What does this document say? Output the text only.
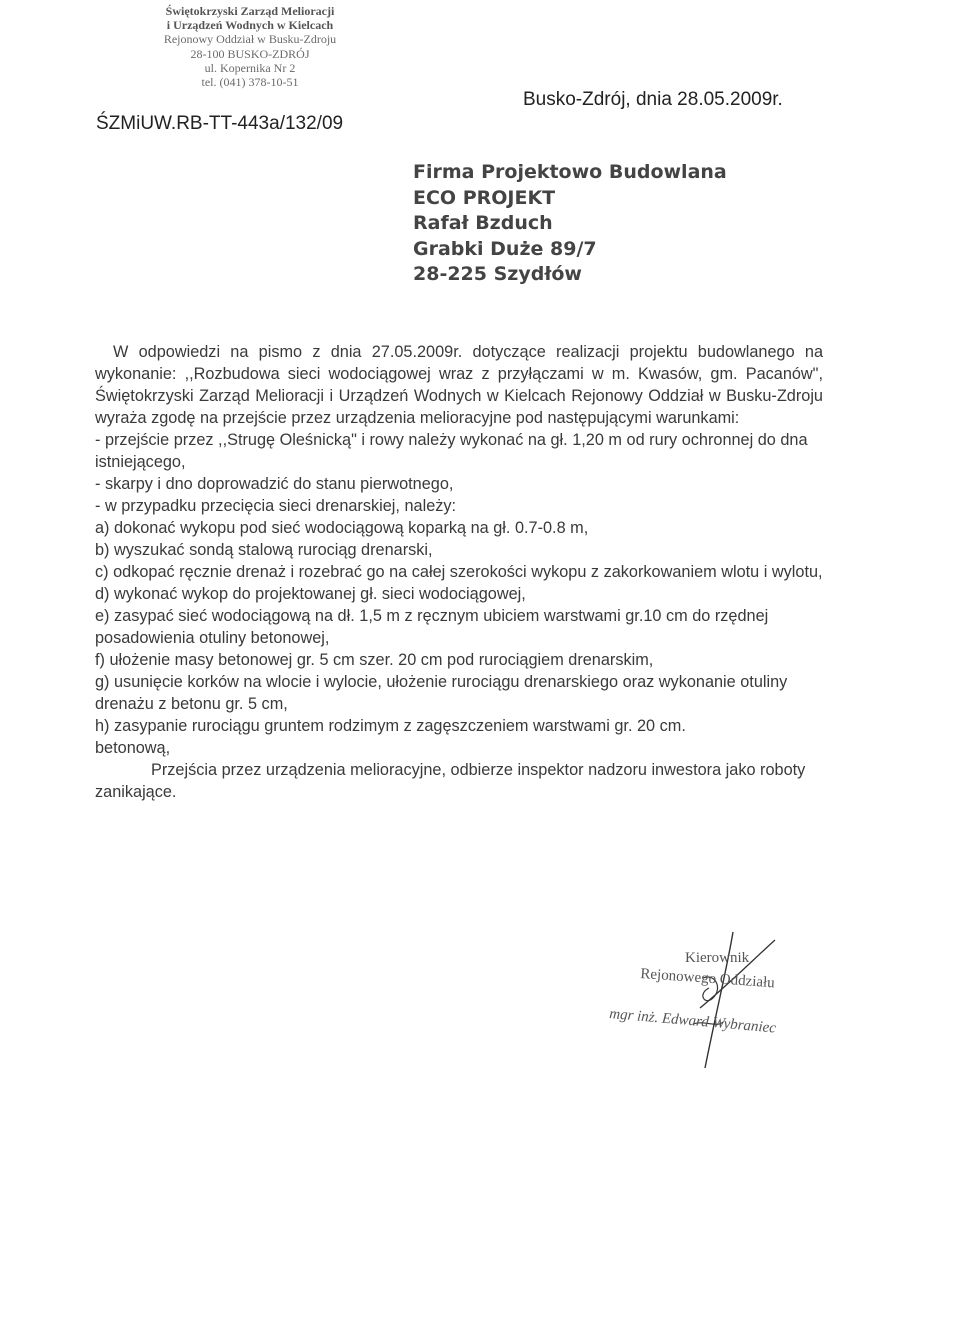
Świętokrzyski Zarząd Melioracji
i Urządzeń Wodnych w Kielcach
Rejonowy Oddział w Busku-Zdroju
28-100 BUSKO-ZDRÓJ
ul. Kopernika Nr 2
tel. (041) 378-10-51
ŚZMiUW.RB-TT-443a/132/09
Busko-Zdrój, dnia 28.05.2009r.
Firma Projektowo Budowlana
ECO PROJEKT
Rafał Bzduch
Grabki Duże 89/7
28-225 Szydłów

W odpowiedzi na pismo z dnia 27.05.2009r. dotyczące realizacji projektu budowlanego na wykonanie: ,,Rozbudowa sieci wodociągowej wraz z przyłączami w m. Kwasów, gm. Pacanów", Świętokrzyski Zarząd Melioracji i Urządzeń Wodnych w Kielcach Rejonowy Oddział w Busku-Zdroju wyraża zgodę na przejście przez urządzenia melioracyjne pod następującymi warunkami:

- przejście przez ,,Strugę Oleśnicką" i rowy należy wykonać na gł. 1,20 m od rury ochronnej do dna istniejącego,

- skarpy i dno doprowadzić do stanu pierwotnego,

- w przypadku przecięcia sieci drenarskiej, należy:

a) dokonać wykopu pod sieć wodociągową koparką na gł. 0.7-0.8 m,

b) wyszukać sondą stalową rurociąg drenarski,

c) odkopać ręcznie drenaż i rozebrać go na całej szerokości wykopu z zakorkowaniem wlotu i wylotu,

d) wykonać wykop do projektowanej gł. sieci wodociągowej,

e) zasypać sieć wodociągową na dł. 1,5 m z ręcznym ubiciem warstwami gr.10 cm do rzędnej posadowienia otuliny betonowej,

f) ułożenie masy betonowej gr. 5 cm szer. 20 cm pod rurociągiem drenarskim,

g) usunięcie korków na wlocie i wylocie, ułożenie rurociągu drenarskiego oraz wykonanie otuliny drenażu z betonu gr. 5 cm,

h) zasypanie rurociągu gruntem rodzimym z zagęszczeniem warstwami gr. 20 cm.

betonową,

Przejścia przez urządzenia melioracyjne, odbierze inspektor nadzoru inwestora jako roboty zanikające.

Kierownik
Rejonowego Oddziału
mgr inż. Edward Wybraniec
